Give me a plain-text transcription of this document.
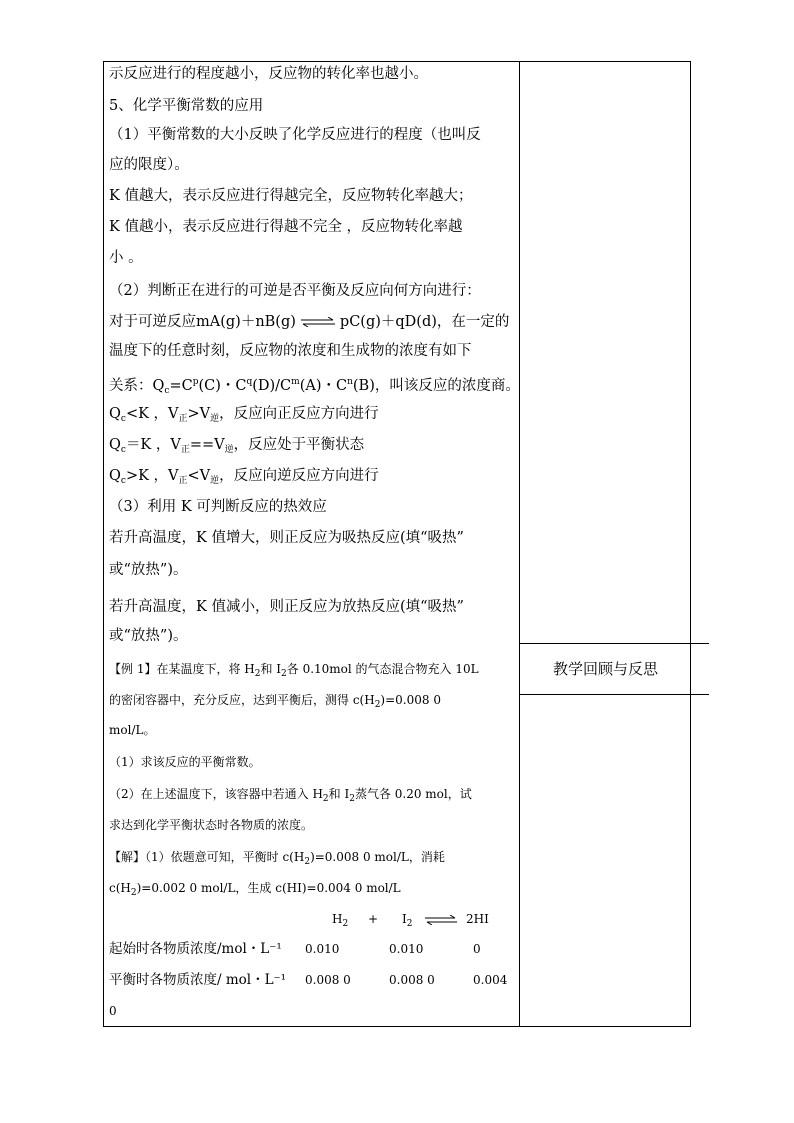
教学回顾与反思
示反应进行的程度越小，反应物的转化率也越小。
5、化学平衡常数的应用
（1）平衡常数的大小反映了化学反应进行的程度（也叫反
应的限度）。
K 值越大，表示反应进行得越完全，反应物转化率越大；
K 值越小，表示反应进行得越不完全 ，反应物转化率越
小 。
（2）判断正在进行的可逆是否平衡及反应向何方向进行：
对于可逆反应mA(g)＋nB(g) ⇌ pC(g)＋qD(d)，在一定的
温度下的任意时刻，反应物的浓度和生成物的浓度有如下
关系：$Q_c=C^p(C)$・$C^q(D)/C^m(A)$・$C^n(B)$，叫该反应的浓度商。
$Q_c<K$ ，$V_正>V_逆$，反应向正反应方向进行
$Q_c=K$ ，$V_正==V_逆$，反应处于平衡状态
$Q_c>K$ ，$V_正<V_逆$，反应向逆反应方向进行
（3）利用 K 可判断反应的热效应
若升高温度，K 值增大，则正反应为吸热反应(填“吸热”
或“放热”)。
若升高温度，K 值减小，则正反应为放热反应(填“吸热”
或“放热”)。
【例 1】在某温度下，将 $H_2$和 $I_2$各 0.10mol 的气态混合物充入 10L
的密闭容器中，充分反应，达到平衡后，测得 $c(H_2)=0.008$ 0
mol/L。
（1）求该反应的平衡常数。
（2）在上述温度下，该容器中若通入 $H_2$和 $I_2$蒸气各 0.20 mol，试
求达到化学平衡状态时各物质的浓度。
【解】（1）依题意可知，平衡时 $c(H_2)=0.008$ 0 mol/L，消耗
$c(H_2)=0.002$ 0 mol/L，生成 c(HI)=0.004 0 mol/L
$H_2 + I_2$ ⇌ 2HI
起始时各物质浓度/mol・L⁻¹ 0.010	0.010	0
平衡时各物质浓度/ mol・L⁻¹ 0.008 0	0.008 0	0.004
0
